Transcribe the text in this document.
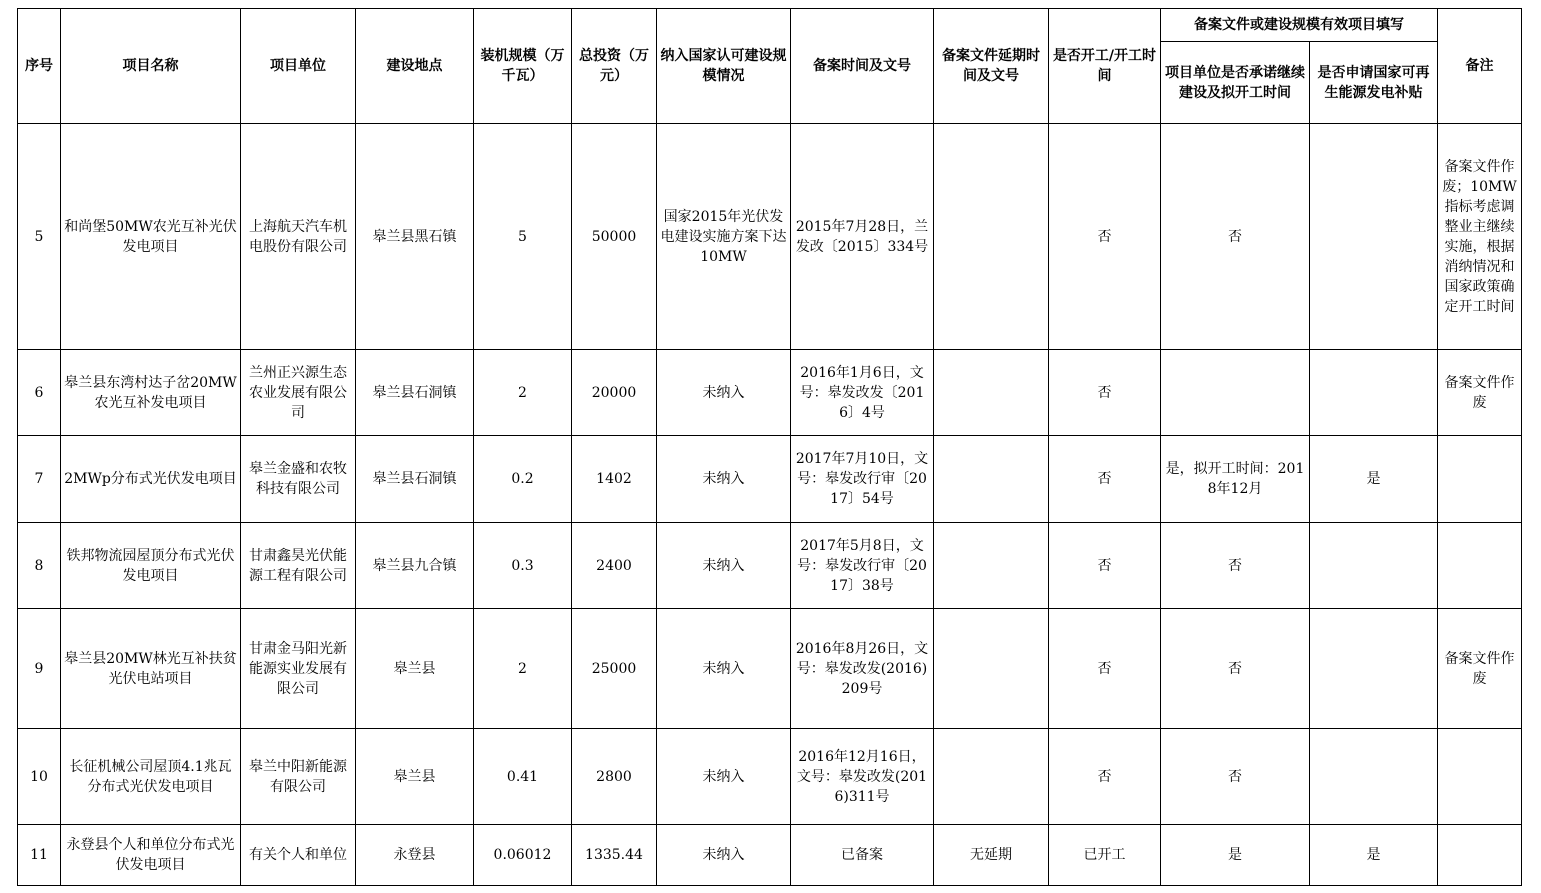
序号	项目名称	项目单位	建设地点	装机规模（万千瓦）	总投资（万元）	纳入国家认可建设规模情况	备案时间及文号	备案文件延期时间及文号	是否开工/开工时间	备案文件或建设规模有效项目填写		备注
										项目单位是否承诺继续建设及拟开工时间	是否申请国家可再生能源发电补贴	
5	和尚堡50MW农光互补光伏发电项目	上海航天汽车机电股份有限公司	皋兰县黑石镇	5	50000	国家2015年光伏发电建设实施方案下达10MW	2015年7月28日，兰发改〔2015〕334号		否	否		备案文件作废；10MW指标考虑调整业主继续实施，根据消纳情况和国家政策确定开工时间
6	皋兰县东湾村达子岔20MW农光互补发电项目	兰州正兴源生态农业发展有限公司	皋兰县石洞镇	2	20000	未纳入	2016年1月6日，文号：皋发改发〔2016〕4号		否			备案文件作废
7	2MWp分布式光伏发电项目	皋兰金盛和农牧科技有限公司	皋兰县石洞镇	0.2	1402	未纳入	2017年7月10日，文号：皋发改行审〔2017〕54号		否	是，拟开工时间：2018年12月	是	
8	铁邦物流园屋顶分布式光伏发电项目	甘肃鑫昊光伏能源工程有限公司	皋兰县九合镇	0.3	2400	未纳入	2017年5月8日，文号：皋发改行审〔2017〕38号		否	否		
9	皋兰县20MW林光互补扶贫光伏电站项目	甘肃金马阳光新能源实业发展有限公司	皋兰县	2	25000	未纳入	2016年8月26日，文号：皋发改发(2016)209号		否	否		备案文件作废
10	长征机械公司屋顶4.1兆瓦分布式光伏发电项目	皋兰中阳新能源有限公司	皋兰县	0.41	2800	未纳入	2016年12月16日，文号：皋发改发(2016)311号		否	否		
11	永登县个人和单位分布式光伏发电项目	有关个人和单位	永登县	0.06012	1335.44	未纳入	已备案	无延期	已开工	是	是	
